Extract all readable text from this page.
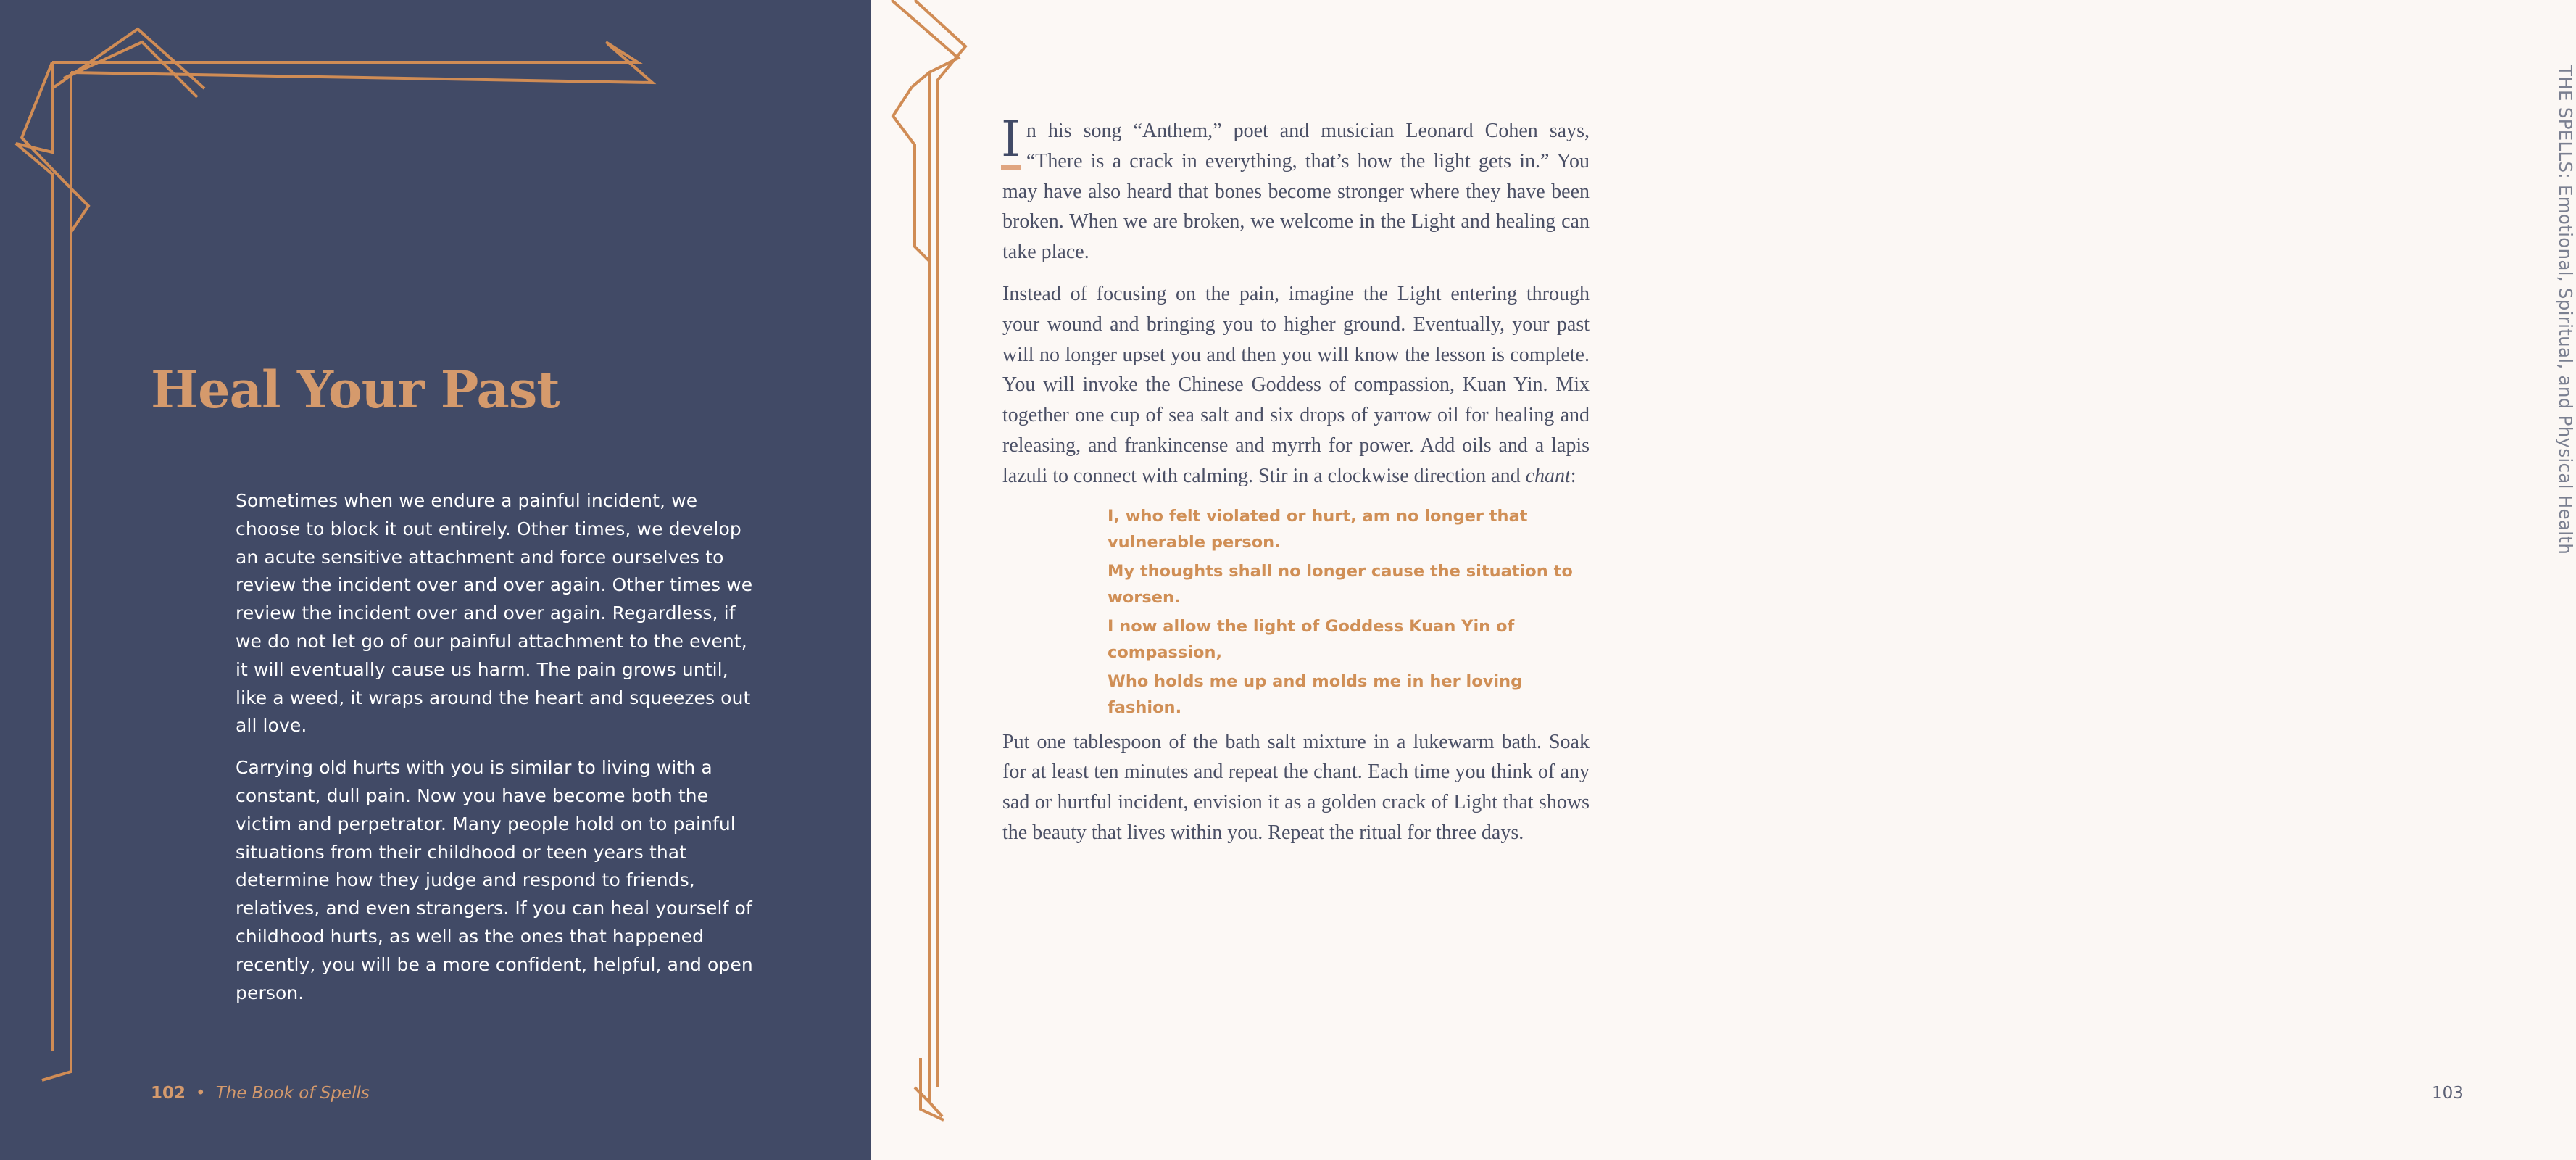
Heal Your Past

Sometimes when we endure a painful incident, we choose to block it out entirely. Other times, we develop an acute sensitive attachment and force ourselves to review the incident over and over again. Other times we review the incident over and over again. Regardless, if we do not let go of our painful attachment to the event, it will eventually cause us harm. The pain grows until, like a weed, it wraps around the heart and squeezes out all love.

Carrying old hurts with you is similar to living with a constant, dull pain. Now you have become both the victim and perpetrator. Many people hold on to painful situations from their childhood or teen years that determine how they judge and respond to friends, relatives, and even strangers. If you can heal yourself of childhood hurts, as well as the ones that happened recently, you will be a more confident, helpful, and open person.

102 • The Book of Spells
THE SPELLS: Emotional, Spiritual, and Physical Health
103

I n his song “Anthem,” poet and musician Leonard Cohen says, “There is a crack in everything, that’s how the light gets in.” You may have also heard that bones become stronger where they have been broken. When we are broken, we welcome in the Light and healing can take place.

Instead of focusing on the pain, imagine the Light entering through your wound and bringing you to higher ground. Eventually, your past will no longer upset you and then you will know the lesson is complete. You will invoke the Chinese Goddess of compassion, Kuan Yin. Mix together one cup of sea salt and six drops of yarrow oil for healing and releasing, and frankincense and myrrh for power. Add oils and a lapis lazuli to connect with calming. Stir in a clockwise direction and chant:

I, who felt violated or hurt, am no longer that vulnerable person.

My thoughts shall no longer cause the situation to worsen.

I now allow the light of Goddess Kuan Yin of compassion,

Who holds me up and molds me in her loving fashion.

Put one tablespoon of the bath salt mixture in a lukewarm bath. Soak for at least ten minutes and repeat the chant. Each time you think of any sad or hurtful incident, envision it as a golden crack of Light that shows the beauty that lives within you. Repeat the ritual for three days.
